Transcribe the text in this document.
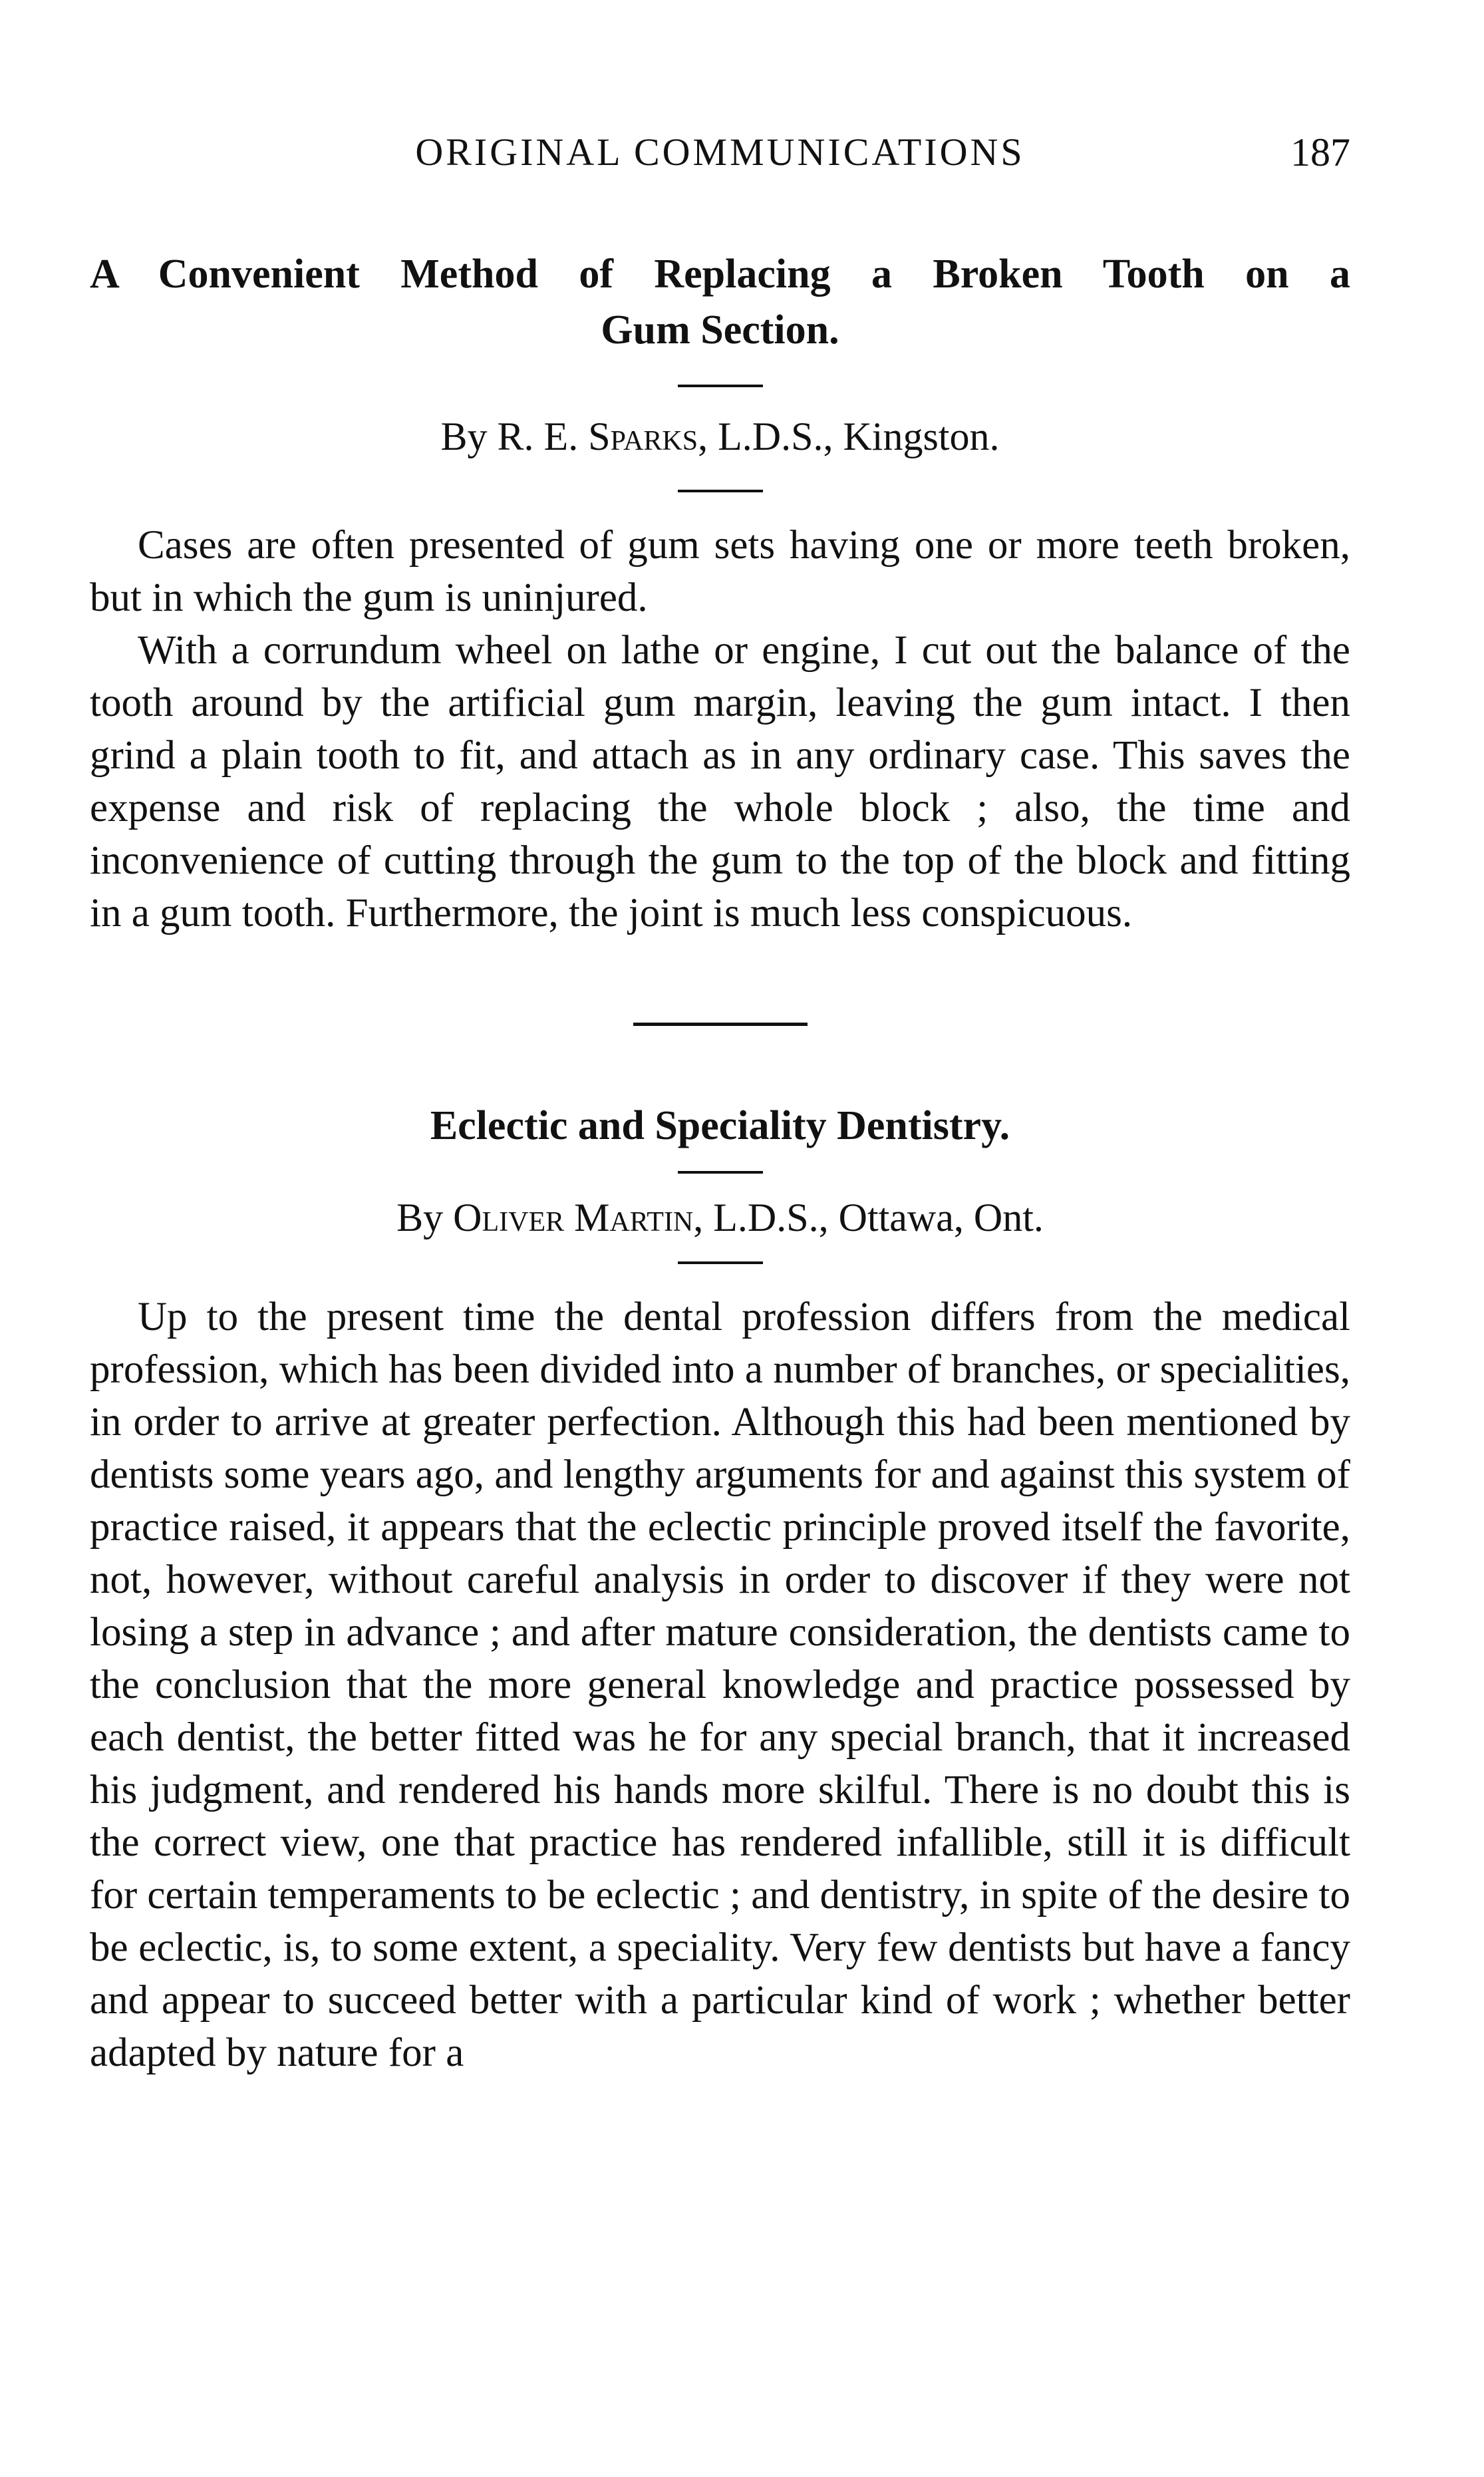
ORIGINAL COMMUNICATIONS	187
A Convenient Method of Replacing a Broken Tooth on a
Gum Section.
By R. E. Sparks, L.D.S., Kingston.

Cases are often presented of gum sets having one or more teeth broken, but in which the gum is uninjured.

With a corrundum wheel on lathe or engine, I cut out the balance of the tooth around by the artificial gum margin, leaving the gum intact. I then grind a plain tooth to fit, and attach as in any ordinary case. This saves the expense and risk of replacing the whole block ; also, the time and inconvenience of cutting through the gum to the top of the block and fitting in a gum tooth. Furthermore, the joint is much less conspicuous.

Eclectic and Speciality Dentistry.
By Oliver Martin, L.D.S., Ottawa, Ont.

Up to the present time the dental profession differs from the medical profession, which has been divided into a number of branches, or specialities, in order to arrive at greater perfection. Although this had been mentioned by dentists some years ago, and lengthy arguments for and against this system of practice raised, it appears that the eclectic principle proved itself the favorite, not, however, without careful analysis in order to discover if they were not losing a step in advance ; and after mature consideration, the dentists came to the conclusion that the more general knowledge and practice possessed by each dentist, the better fitted was he for any special branch, that it increased his judgment, and rendered his hands more skilful. There is no doubt this is the correct view, one that practice has rendered infallible, still it is difficult for certain temperaments to be eclectic ; and dentistry, in spite of the desire to be eclectic, is, to some extent, a speciality. Very few dentists but have a fancy and appear to succeed better with a particular kind of work ; whether better adapted by nature for a
